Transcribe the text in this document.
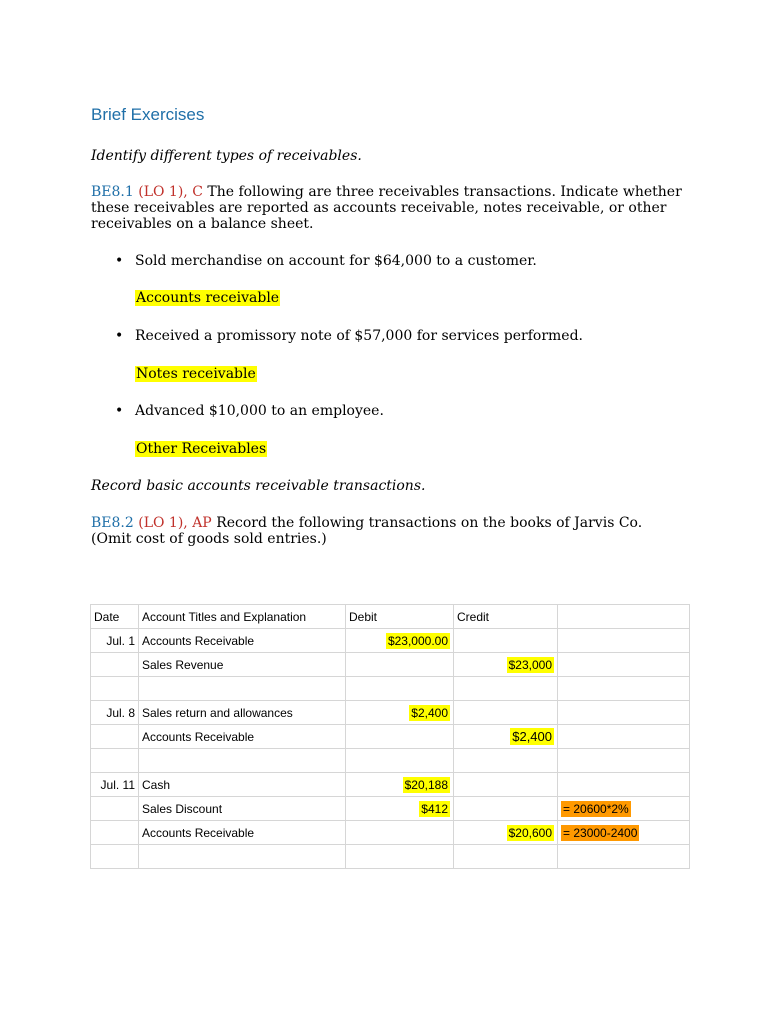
Brief Exercises
Identify different types of receivables.
BE8.1 (LO 1), C The following are three receivables transactions. Indicate whether these receivables are reported as accounts receivable, notes receivable, or other receivables on a balance sheet.
• Sold merchandise on account for $64,000 to a customer.
Accounts receivable
• Received a promissory note of $57,000 for services performed.
Notes receivable
• Advanced $10,000 to an employee.
Other Receivables
Record basic accounts receivable transactions.
BE8.2 (LO 1), AP Record the following transactions on the books of Jarvis Co. (Omit cost of goods sold entries.)
Date	Account Titles and Explanation	Debit	Credit	
Jul. 1	Accounts Receivable	$23,000.00		
	Sales Revenue		$23,000	

Jul. 8	Sales return and allowances	$2,400		
	Accounts Receivable		$2,400	

Jul. 11	Cash	$20,188		
	Sales Discount	$412		= 20600*2%
	Accounts Receivable		$20,600	= 23000-2400
